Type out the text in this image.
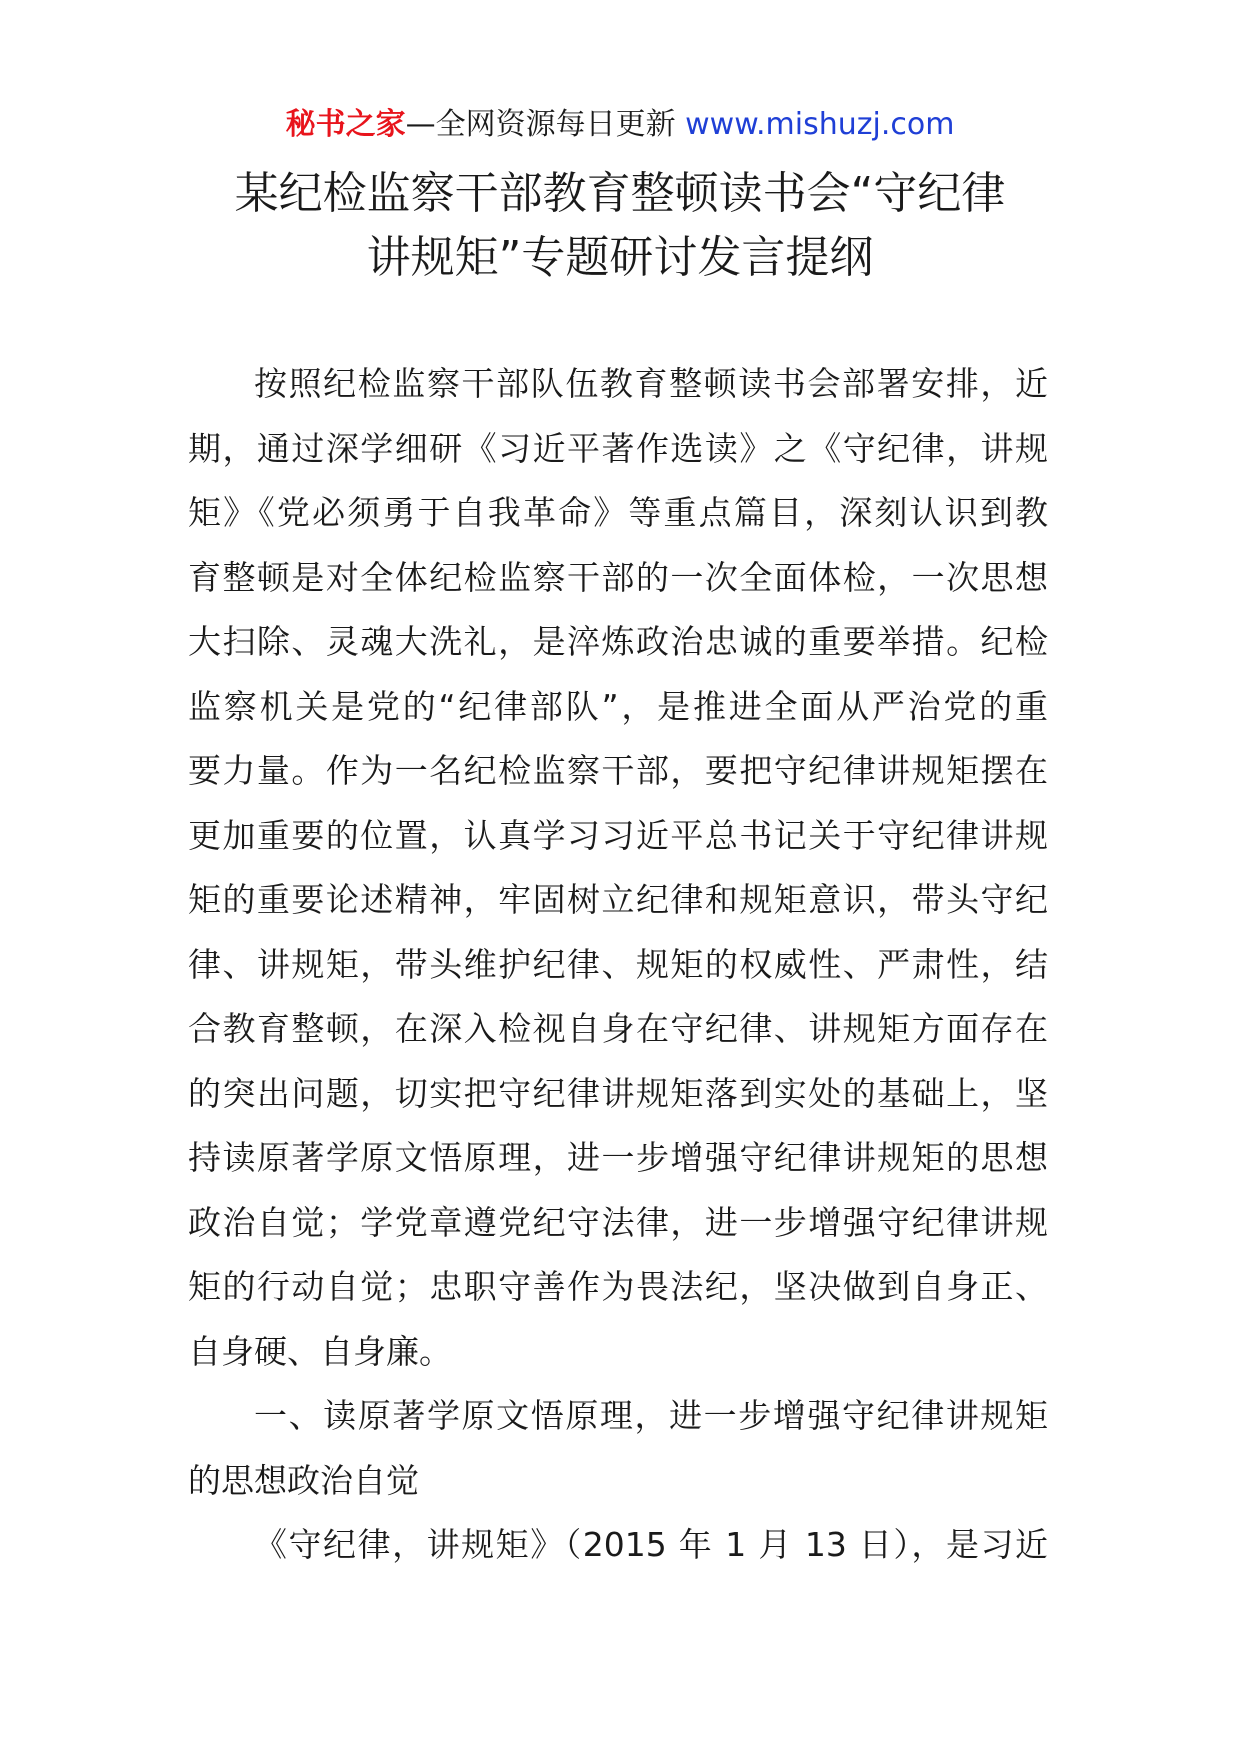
秘书之家—全网资源每日更新 www.mishuzj.com
某纪检监察干部教育整顿读书会“守纪律
讲规矩”专题研讨发言提纲
按照纪检监察干部队伍教育整顿读书会部署安排，近
期，通过深学细研《习近平著作选读》之《守纪律，讲规
矩》《党必须勇于自我革命》等重点篇目，深刻认识到教
育整顿是对全体纪检监察干部的一次全面体检，一次思想
大扫除、灵魂大洗礼，是淬炼政治忠诚的重要举措。纪检
监察机关是党的“纪律部队”，是推进全面从严治党的重
要力量。作为一名纪检监察干部，要把守纪律讲规矩摆在
更加重要的位置，认真学习习近平总书记关于守纪律讲规
矩的重要论述精神，牢固树立纪律和规矩意识，带头守纪
律、讲规矩，带头维护纪律、规矩的权威性、严肃性，结
合教育整顿，在深入检视自身在守纪律、讲规矩方面存在
的突出问题，切实把守纪律讲规矩落到实处的基础上，坚
持读原著学原文悟原理，进一步增强守纪律讲规矩的思想
政治自觉；学党章遵党纪守法律，进一步增强守纪律讲规
矩的行动自觉；忠职守善作为畏法纪，坚决做到自身正、
自身硬、自身廉。
一、读原著学原文悟原理，进一步增强守纪律讲规矩
的思想政治自觉
《守纪律，讲规矩》（2015 年 1 月 13 日），是习近
